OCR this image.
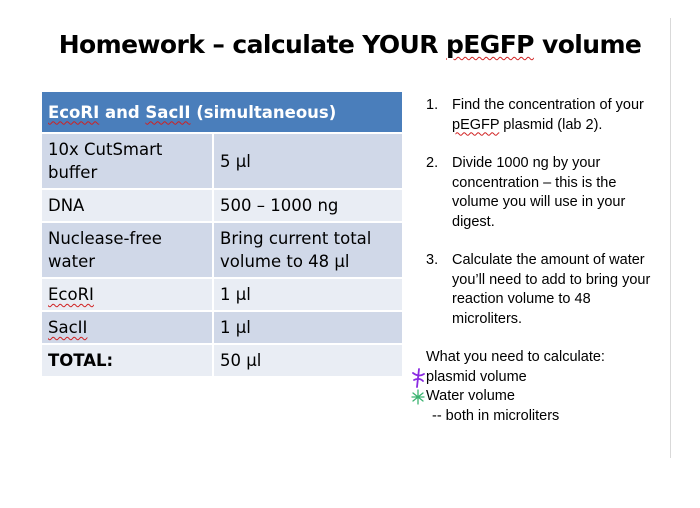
Homework – calculate YOUR pEGFP volume
EcoRI and SacII (simultaneous)	
10x CutSmart buffer	5 μl
DNA	500 – 1000 ng
Nuclease-free water	Bring current total volume to 48 μl
EcoRI	1 μl
SacII	1 μl
TOTAL:	50 μl
1. Find the concentration of your pEGFP plasmid (lab 2).
2. Divide 1000 ng by your concentration – this is the volume you will use in your digest.
3. Calculate the amount of water you’ll need to add to bring your reaction volume to 48 microliters.
What you need to calculate:
plasmid volume
Water volume
-- both in microliters
